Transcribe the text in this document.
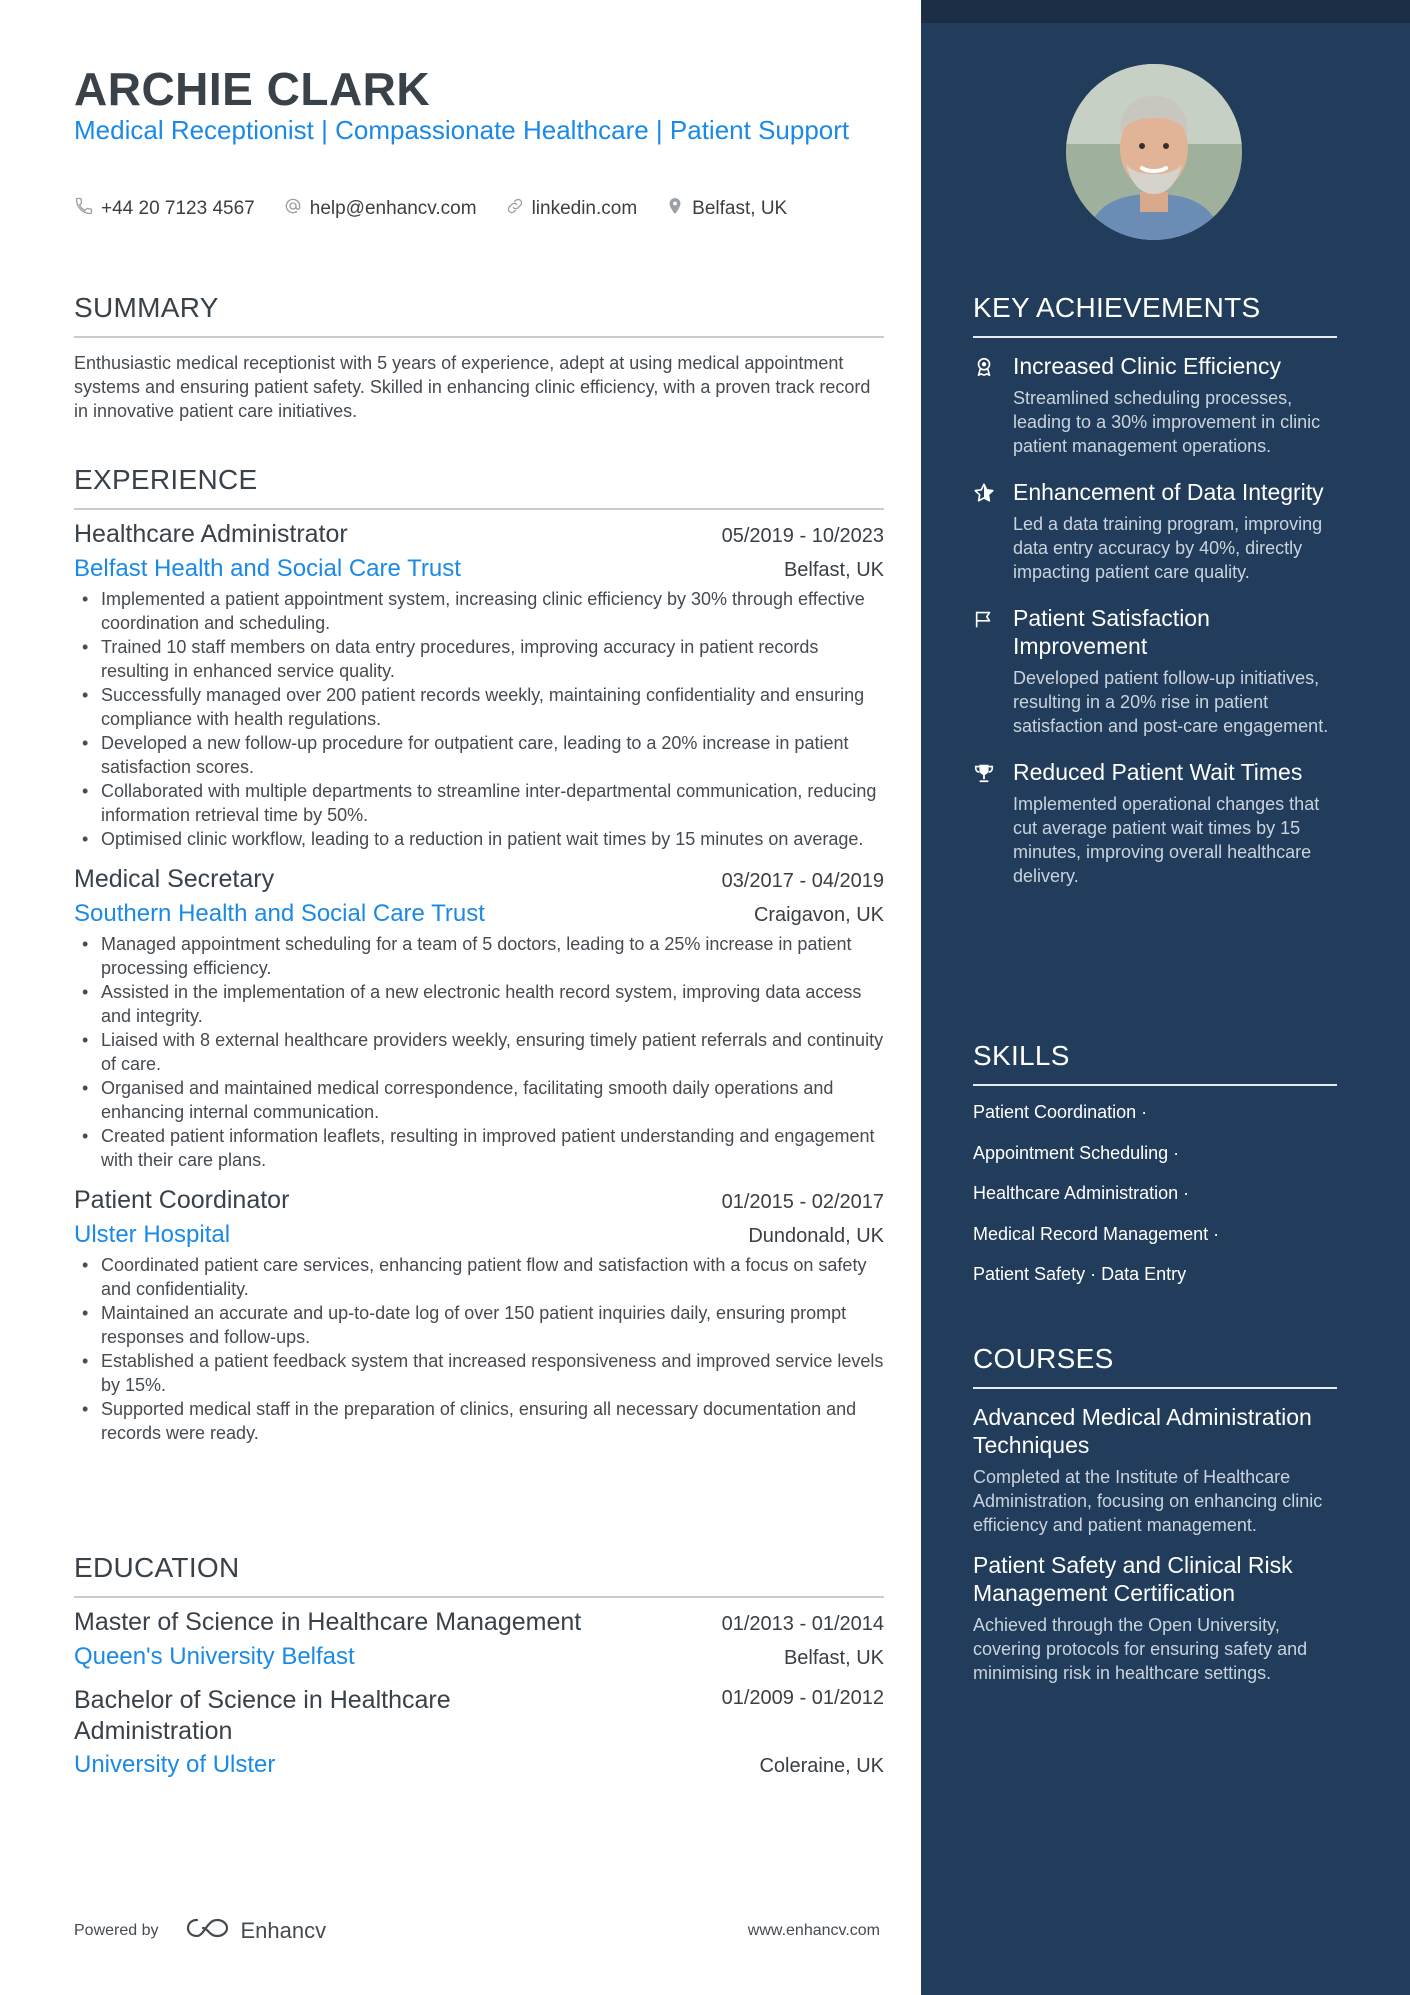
ARCHIE CLARK
Medical Receptionist | Compassionate Healthcare | Patient Support
+44 20 7123 4567	help@enhancv.com	linkedin.com	Belfast, UK
SUMMARY
Enthusiastic medical receptionist with 5 years of experience, adept at using medical appointment systems and ensuring patient safety. Skilled in enhancing clinic efficiency, with a proven track record in innovative patient care initiatives.
EXPERIENCE
Healthcare Administrator	05/2019 - 10/2023
Belfast Health and Social Care Trust	Belfast, UK
• Implemented a patient appointment system, increasing clinic efficiency by 30% through effective coordination and scheduling.
• Trained 10 staff members on data entry procedures, improving accuracy in patient records resulting in enhanced service quality.
• Successfully managed over 200 patient records weekly, maintaining confidentiality and ensuring compliance with health regulations.
• Developed a new follow-up procedure for outpatient care, leading to a 20% increase in patient satisfaction scores.
• Collaborated with multiple departments to streamline inter-departmental communication, reducing information retrieval time by 50%.
• Optimised clinic workflow, leading to a reduction in patient wait times by 15 minutes on average.
Medical Secretary	03/2017 - 04/2019
Southern Health and Social Care Trust	Craigavon, UK
• Managed appointment scheduling for a team of 5 doctors, leading to a 25% increase in patient processing efficiency.
• Assisted in the implementation of a new electronic health record system, improving data access and integrity.
• Liaised with 8 external healthcare providers weekly, ensuring timely patient referrals and continuity of care.
• Organised and maintained medical correspondence, facilitating smooth daily operations and enhancing internal communication.
• Created patient information leaflets, resulting in improved patient understanding and engagement with their care plans.
Patient Coordinator	01/2015 - 02/2017
Ulster Hospital	Dundonald, UK
• Coordinated patient care services, enhancing patient flow and satisfaction with a focus on safety and confidentiality.
• Maintained an accurate and up-to-date log of over 150 patient inquiries daily, ensuring prompt responses and follow-ups.
• Established a patient feedback system that increased responsiveness and improved service levels by 15%.
• Supported medical staff in the preparation of clinics, ensuring all necessary documentation and records were ready.
EDUCATION
Master of Science in Healthcare Management	01/2013 - 01/2014
Queen's University Belfast	Belfast, UK
Bachelor of Science in Healthcare Administration
01/2009 - 01/2012
University of Ulster	Coleraine, UK
Powered by	Enhancv	www.enhancv.com
KEY ACHIEVEMENTS
Increased Clinic Efficiency
Streamlined scheduling processes, leading to a 30% improvement in clinic patient management operations.
Enhancement of Data Integrity
Led a data training program, improving data entry accuracy by 40%, directly impacting patient care quality.
Patient Satisfaction Improvement
Developed patient follow-up initiatives, resulting in a 20% rise in patient satisfaction and post-care engagement.
Reduced Patient Wait Times
Implemented operational changes that cut average patient wait times by 15 minutes, improving overall healthcare delivery.
SKILLS
Patient Coordination ·
Appointment Scheduling ·
Healthcare Administration ·
Medical Record Management ·
Patient Safety · Data Entry
COURSES
Advanced Medical Administration Techniques
Completed at the Institute of Healthcare Administration, focusing on enhancing clinic efficiency and patient management.
Patient Safety and Clinical Risk Management Certification
Achieved through the Open University, covering protocols for ensuring safety and minimising risk in healthcare settings.
